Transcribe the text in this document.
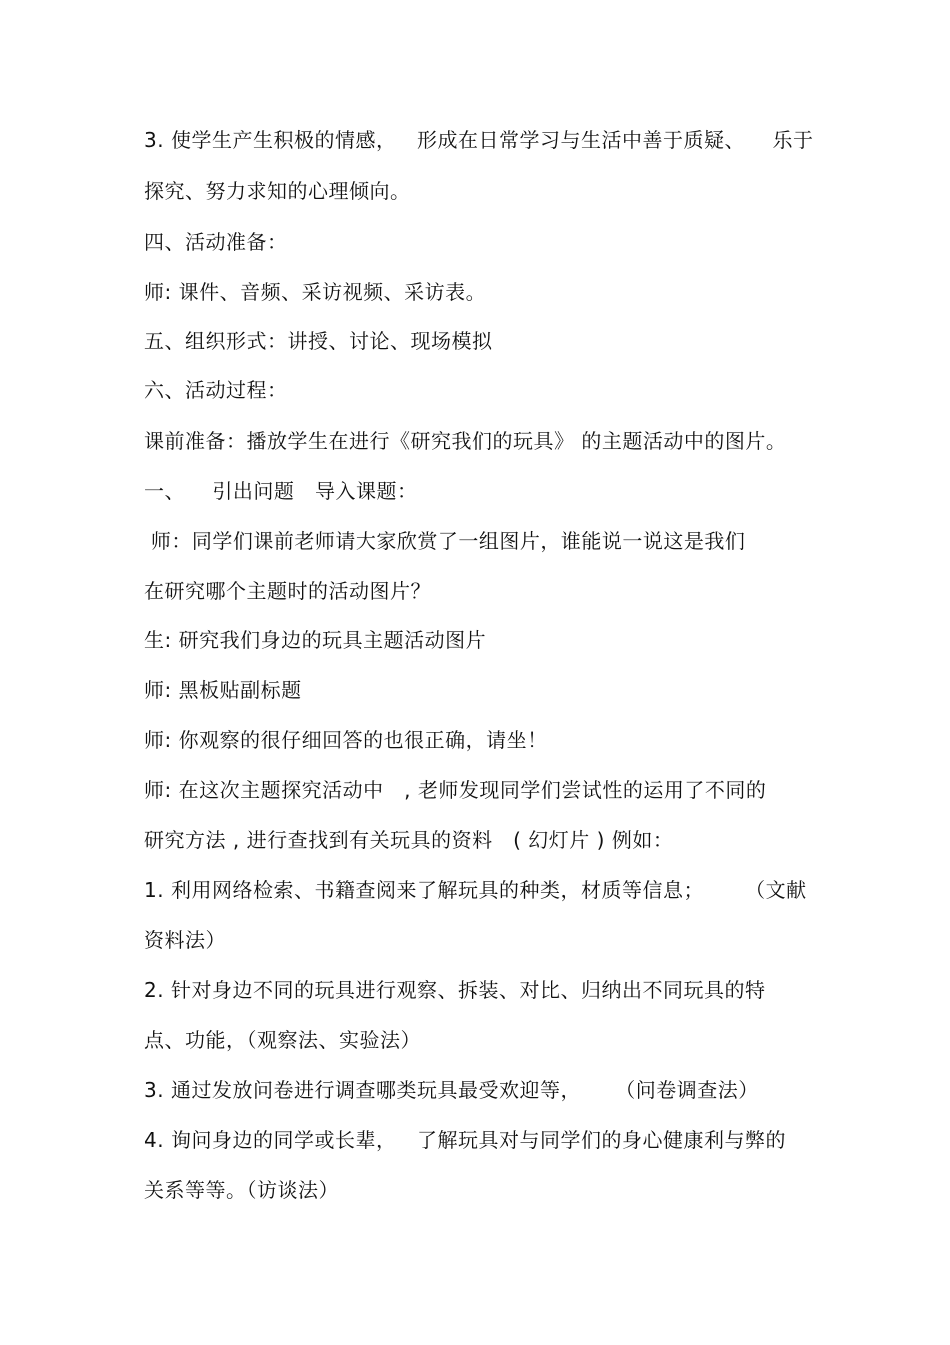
3. 使学生产生积极的情感，   形成在日常学习与生活中善于质疑、    乐于
探究、努力求知的心理倾向。
四、活动准备：
师: 课件、音频、采访视频、采访表。
五、组织形式：讲授、讨论、现场模拟
六、活动过程：
课前准备：播放学生在进行《研究我们的玩具》 的主题活动中的图片。
一、    引出问题   导入课题：
师：同学们课前老师请大家欣赏了一组图片，谁能说一说这是我们
在研究哪个主题时的活动图片？
生: 研究我们身边的玩具主题活动图片
师: 黑板贴副标题
师: 你观察的很仔细回答的也很正确，请坐！
师: 在这次主题探究活动中   , 老师发现同学们尝试性的运用了不同的
研究方法 , 进行查找到有关玩具的资料   ( 幻灯片 ) 例如：
1. 利用网络检索、书籍查阅来了解玩具的种类，材质等信息；      （文献
资料法）
2. 针对身边不同的玩具进行观察、拆装、对比、归纳出不同玩具的特
点、功能，（观察法、实验法）
3. 通过发放问卷进行调查哪类玩具最受欢迎等，     （问卷调查法）
4. 询问身边的同学或长辈，   了解玩具对与同学们的身心健康利与弊的
关系等等。（访谈法）
